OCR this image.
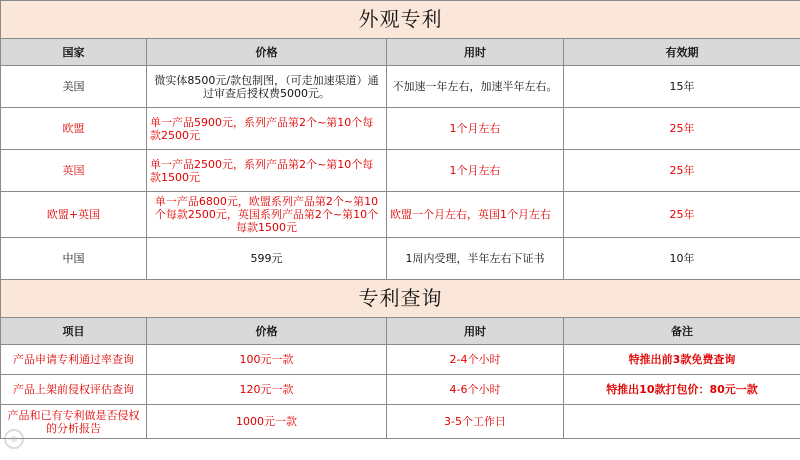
外观专利			
国家	价格	用时	有效期
美国	微实体8500元/款包制图，（可走加速渠道）通过审查后授权费5000元。	不加速一年左右，加速半年左右。	15年
欧盟	单一产品5900元，系列产品第2个~第10个每款2500元	1个月左右	25年
英国	单一产品2500元，系列产品第2个~第10个每款1500元	1个月左右	25年
欧盟+英国	单一产品6800元，欧盟系列产品第2个~第10个每款2500元，英国系列产品第2个~第10个每款1500元	欧盟一个月左右，英国1个月左右	25年
中国	599元	1周内受理，半年左右下证书	10年
专利查询			
项目	价格	用时	备注
产品申请专利通过率查询	100元一款	2-4个小时	特推出前3款免费查询
产品上架前侵权评估查询	120元一款	4-6个小时	特推出10款打包价：80元一款
产品和已有专利做是否侵权的分析报告	1000元一款	3-5个工作日	
